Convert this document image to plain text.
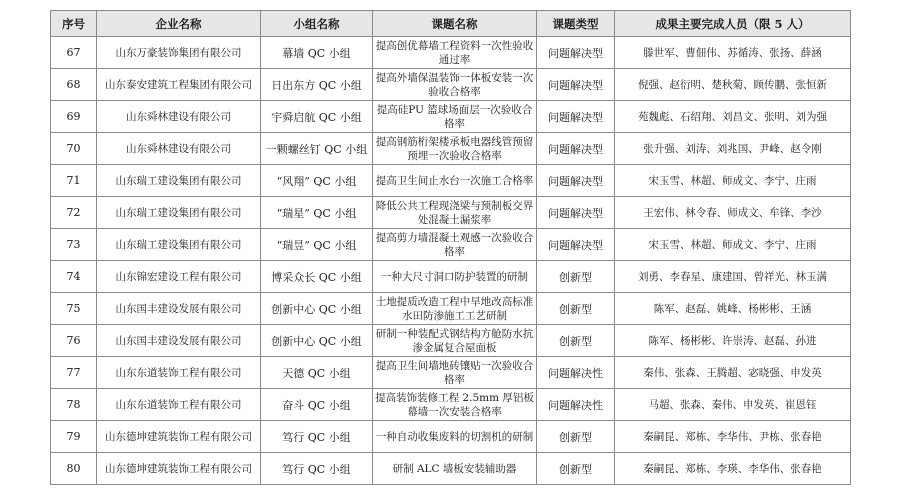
序号	企业名称	小组名称	课题名称	课题类型	成果主要完成人员（限 5 人）
67	山东万豪装饰集团有限公司	幕墙 QC 小组	提高创优幕墙工程资料一次性验收通过率	问题解决型	滕世军、曹佃伟、苏循涛、张扬、薛涵
68	山东泰安建筑工程集团有限公司	日出东方 QC 小组	提高外墙保温装饰一体板安装一次验收合格率	问题解决型	倪强、赵衍明、楚秋菊、顾传鹏、张恒新
69	山东舜林建设有限公司	宇舜启航 QC 小组	提高硅PU 篮球场面层一次验收合格率	问题解决型	苑魏彪、石绍翔、刘昌文、张明、刘为强
70	山东舜林建设有限公司	一颗螺丝钉 QC 小组	提高钢筋桁架楼承板电器线管预留预埋一次验收合格率	问题解决型	张升强、刘涛、刘兆国、尹峰、赵令刚
71	山东瑞工建设集团有限公司	“风翔” QC 小组	提高卫生间止水台一次施工合格率	问题解决型	宋玉雪、林超、师成文、李宁、庄雨
72	山东瑞工建设集团有限公司	“瑞星” QC 小组	降低公共工程现浇梁与预制板交界处混凝土漏浆率	问题解决型	王宏伟、林令春、师成文、牟锋、李沙
73	山东瑞工建设集团有限公司	“瑞昱” QC 小组	提高剪力墙混凝土观感一次验收合格率	问题解决型	宋玉雪、林超、师成文、李宁、庄雨
74	山东锦宏建设工程有限公司	博采众长 QC 小组	一种大尺寸洞口防护装置的研制	创新型	刘勇、李春星、康建国、曾祥光、林玉满
75	山东国丰建设发展有限公司	创新中心 QC 小组	土地提质改造工程中旱地改高标准水田防渗施工工艺研制	创新型	陈军、赵磊、姚峰、杨彬彬、王涵
76	山东国丰建设发展有限公司	创新中心 QC 小组	研制一种装配式钢结构方舱防水抗渗金属复合屋面板	创新型	陈军、杨彬彬、许崇涛、赵磊、孙进
77	山东东道装饰工程有限公司	天德 QC 小组	提高卫生间墙地砖镶贴一次验收合格率	问题解决性	秦伟、张森、王腾超、宓晓强、申发英
78	山东东道装饰工程有限公司	奋斗 QC 小组	提高装饰装修工程 2.5mm 厚铝板幕墙一次安装合格率	问题解决性	马超、张森、秦伟、申发英、崔恩钰
79	山东德坤建筑装饰工程有限公司	笃行 QC 小组	一种自动收集废料的切割机的研制	创新型	秦嗣昆、郑栋、李华伟、尹栋、张春艳
80	山东德坤建筑装饰工程有限公司	笃行 QC 小组	研制 ALC 墙板安装辅助器	创新型	秦嗣昆、郑栋、李瑛、李华伟、张春艳
